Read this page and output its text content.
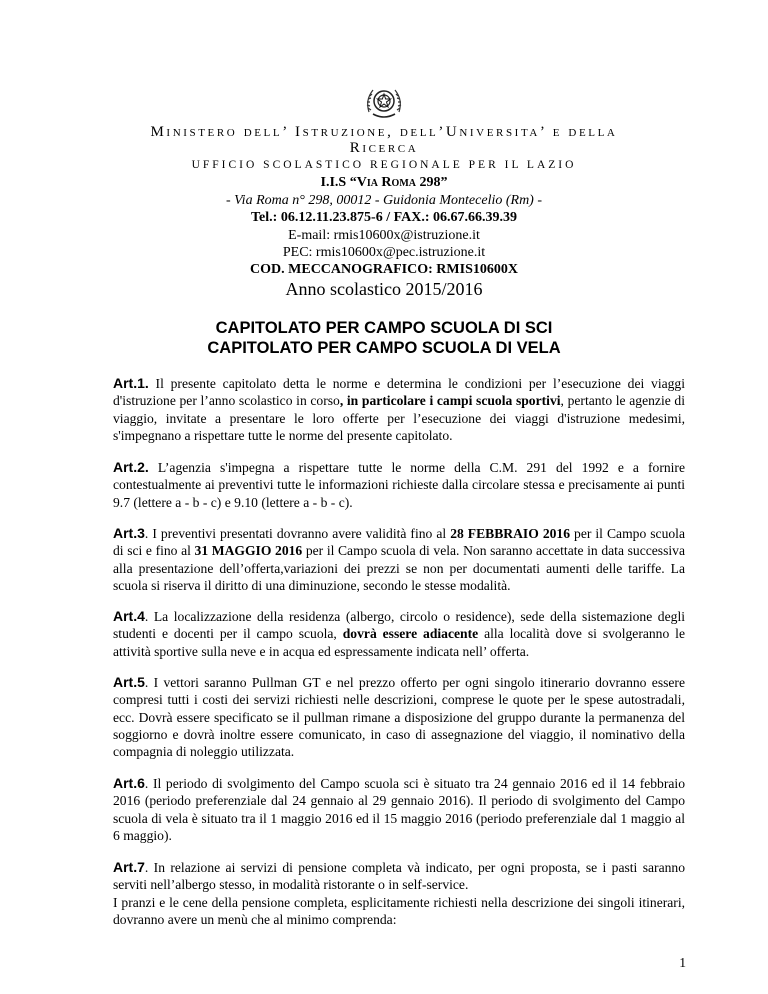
Ministero dell’ Istruzione, dell’Universita’ e della
Ricerca
UFFICIO SCOLASTICO REGIONALE PER IL LAZIO
I.I.S “Via Roma 298”
- Via Roma n° 298, 00012 - Guidonia Montecelio (Rm) -
Tel.: 06.12.11.23.875-6 / FAX.: 06.67.66.39.39
E-mail: rmis10600x@istruzione.it
PEC: rmis10600x@pec.istruzione.it
COD. MECCANOGRAFICO: RMIS10600X
Anno scolastico 2015/2016
CAPITOLATO PER CAMPO SCUOLA DI SCI
CAPITOLATO PER CAMPO SCUOLA DI VELA

Art.1. Il presente capitolato detta le norme e determina le condizioni per l’esecuzione dei viaggi d'istruzione per l’anno scolastico in corso, in particolare i campi scuola sportivi, pertanto le agenzie di viaggio, invitate a presentare le loro offerte per l’esecuzione dei viaggi d'istruzione medesimi, s'impegnano a rispettare tutte le norme del presente capitolato.

Art.2. L’agenzia s'impegna a rispettare tutte le norme della C.M. 291 del 1992 e a fornire contestualmente ai preventivi tutte le informazioni richieste dalla circolare stessa e precisamente ai punti 9.7 (lettere a - b - c) e 9.10 (lettere a - b - c).

Art.3. I preventivi presentati dovranno avere validità fino al 28 FEBBRAIO 2016 per il Campo scuola di sci e fino al 31 MAGGIO 2016 per il Campo scuola di vela. Non saranno accettate in data successiva alla presentazione dell’offerta,variazioni dei prezzi se non per documentati aumenti delle tariffe. La scuola si riserva il diritto di una diminuzione, secondo le stesse modalità.

Art.4. La localizzazione della residenza (albergo, circolo o residence), sede della sistemazione degli studenti e docenti per il campo scuola, dovrà essere adiacente alla località dove si svolgeranno le attività sportive sulla neve e in acqua ed espressamente indicata nell’ offerta.

Art.5. I vettori saranno Pullman GT e nel prezzo offerto per ogni singolo itinerario dovranno essere compresi tutti i costi dei servizi richiesti nelle descrizioni, comprese le quote per le spese autostradali, ecc. Dovrà essere specificato se il pullman rimane a disposizione del gruppo durante la permanenza del soggiorno e dovrà inoltre essere comunicato, in caso di assegnazione del viaggio, il nominativo della compagnia di noleggio utilizzata.

Art.6. Il periodo di svolgimento del Campo scuola sci è situato tra 24 gennaio 2016 ed il 14 febbraio 2016 (periodo preferenziale dal 24 gennaio al 29 gennaio 2016). Il periodo di svolgimento del Campo scuola di vela è situato tra il 1 maggio 2016 ed il 15 maggio 2016 (periodo preferenziale dal 1 maggio al 6 maggio).

Art.7. In relazione ai servizi di pensione completa và indicato, per ogni proposta, se i pasti saranno serviti nell’albergo stesso, in modalità ristorante o in self-service.
I pranzi e le cene della pensione completa, esplicitamente richiesti nella descrizione dei singoli itinerari, dovranno avere un menù che al minimo comprenda:

1
